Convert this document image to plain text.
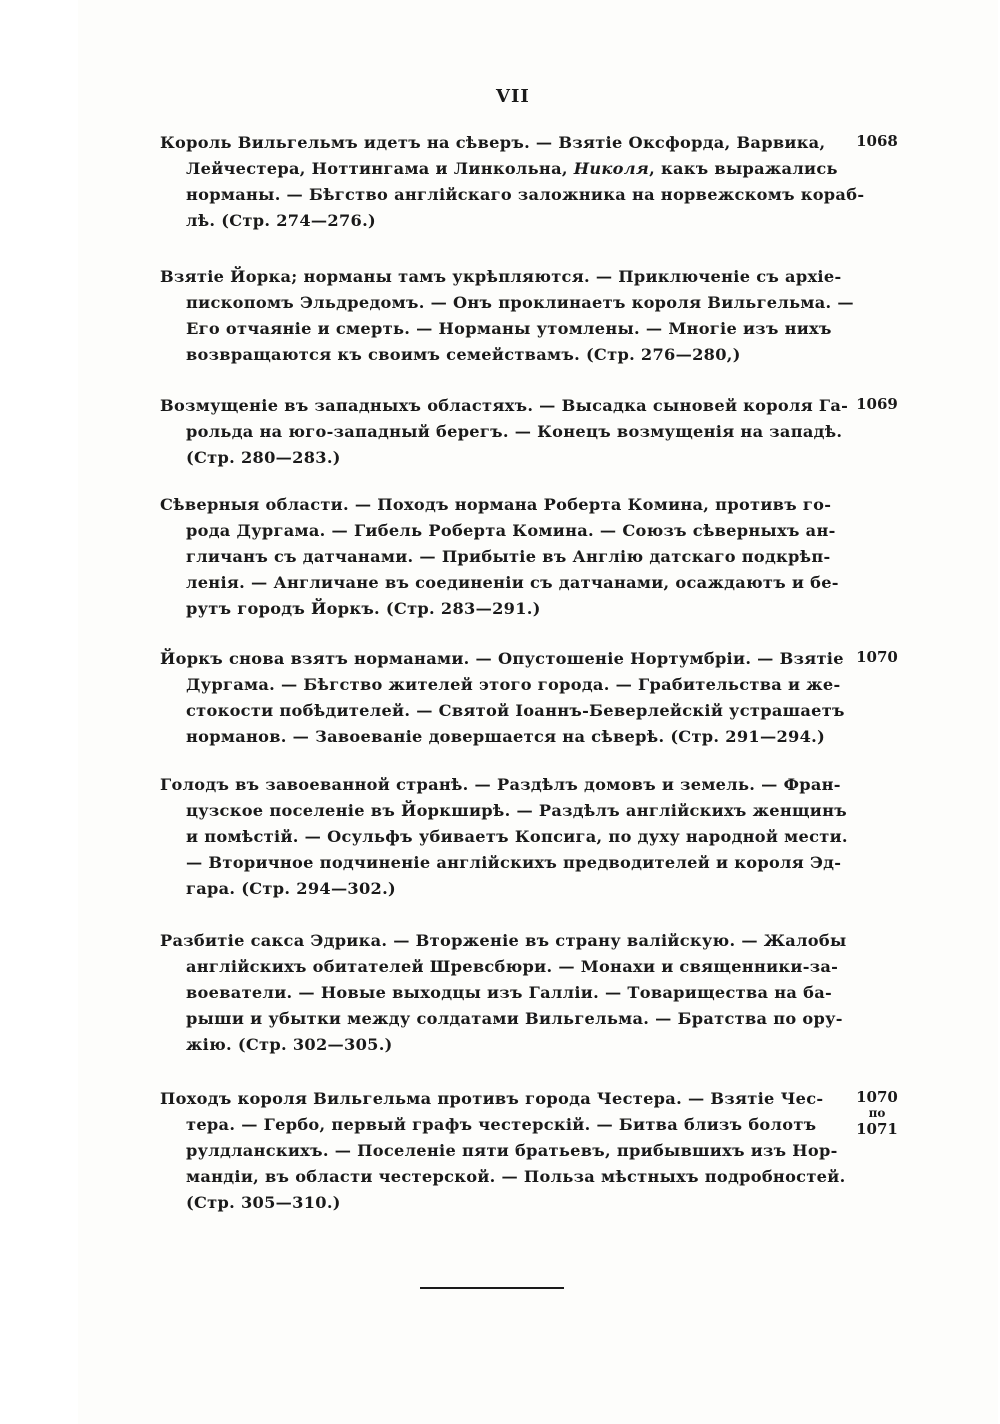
VII
Король Вильгельмъ идетъ на сѣверъ. — Взятіе Оксфорда, Варвика,
Лейчестера, Ноттингама и Линкольна, Николя, какъ выражались
норманы. — Бѣгство англійскаго заложника на норвежскомъ кораб-
лѣ. (Стр. 274—276.)
1068
Взятіе Йорка; норманы тамъ укрѣпляются. — Приключеніе съ архіе-
пископомъ Эльдредомъ. — Онъ проклинаетъ короля Вильгельма. —
Его отчаяніе и смерть. — Норманы утомлены. — Многіе изъ нихъ
возвращаются къ своимъ семействамъ. (Стр. 276—280,)
Возмущеніе въ западныхъ областяхъ. — Высадка сыновей короля Га-
рольда на юго-западный берегъ. — Конецъ возмущенія на западѣ.
(Стр. 280—283.)
1069
Сѣверныя области. — Походъ нормана Роберта Комина, противъ го-
рода Дургама. — Гибель Роберта Комина. — Союзъ сѣверныхъ ан-
гличанъ съ датчанами. — Прибытіе въ Англію датскаго подкрѣп-
ленія. — Англичане въ соединеніи съ датчанами, осаждаютъ и бе-
рутъ городъ Йоркъ. (Стр. 283—291.)
Йоркъ снова взятъ норманами. — Опустошеніе Нортумбріи. — Взятіе
Дургама. — Бѣгство жителей этого города. — Грабительства и же-
стокости побѣдителей. — Святой Іоаннъ-Беверлейскій устрашаетъ
норманов. — Завоеваніе довершается на сѣверѣ. (Стр. 291—294.)
1070
Голодъ въ завоеванной странѣ. — Раздѣлъ домовъ и земель. — Фран-
цузское поселеніе въ Йоркширѣ. — Раздѣлъ англійскихъ женщинъ
и помѣстій. — Осульфъ убиваетъ Копсига, по духу народной мести.
— Вторичное подчиненіе англійскихъ предводителей и короля Эд-
гара. (Стр. 294—302.)
Разбитіе сакса Эдрика. — Вторженіе въ страну валійскую. — Жалобы
англійскихъ обитателей Шревсбюри. — Монахи и священники-за-
воеватели. — Новые выходцы изъ Галліи. — Товарищества на ба-
рыши и убытки между солдатами Вильгельма. — Братства по ору-
жію. (Стр. 302—305.)
Походъ короля Вильгельма противъ города Честера. — Взятіе Чес-
тера. — Гербо, первый графъ честерскій. — Битва близъ болотъ
рулдланскихъ. — Поселеніе пяти братьевъ, прибывшихъ изъ Нор-
мандіи, въ области честерской. — Польза мѣстныхъ подробностей.
(Стр. 305—310.)
1070
по
1071
